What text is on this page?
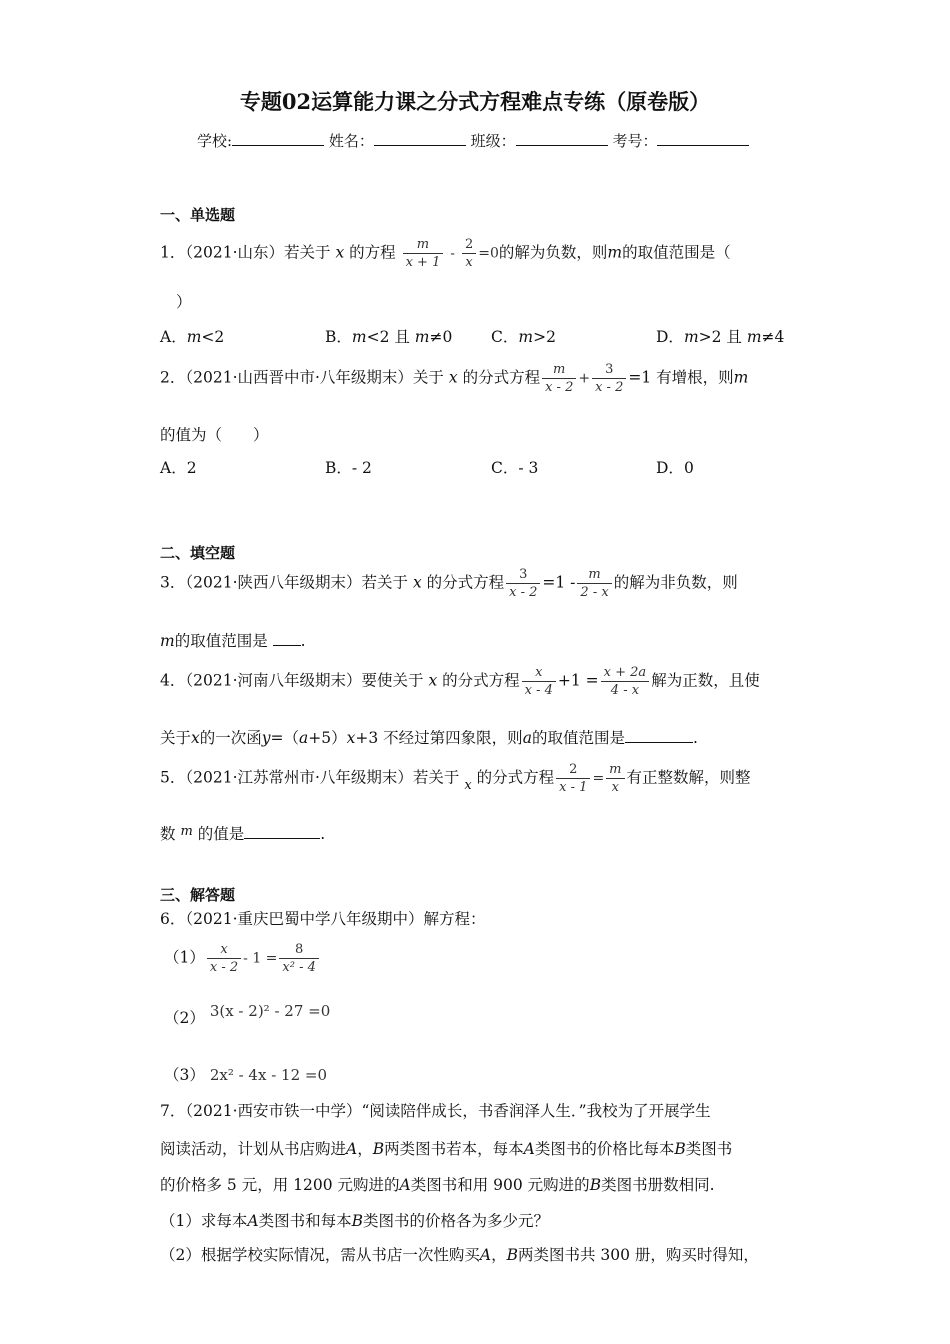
专题02运算能力课之分式方程难点专练（原卷版）
学校:	姓名：	班级：	考号：
一、单选题
1．（2021·山东）若关于 x 的方程 $\frac{m}{x + 1} - \frac{2}{x} =0$的解为负数，则m的取值范围是（
）
A．m<2	B．m<2 且 m≠0 C．m>2	D．m>2 且 m≠4
2．（2021·山西晋中市·八年级期末）关于 x 的分式方程 $\frac{m}{x - 2} + \frac{3}{x - 2} =1$ 有增根，则m
的值为（　　）
A．2	B．- 2	C．- 3	D．0
二、填空题
3．（2021·陕西八年级期末）若关于 x 的分式方程 $\frac{3}{x - 2} =1 - \frac{m}{2 - x}$ 的解为非负数，则
m的取值范围是 .
4．（2021·河南八年级期末）要使关于 x 的分式方程 $\frac{x}{x - 4} +1 = \frac{x + 2a}{4 - x}$ 解为正数，且使
关于x的一次函y=（a+5）x+3 不经过第四象限，则a的取值范围是	.
5．（2021·江苏常州市·八年级期末）若关于 $_x$ 的分式方程 $\frac{2}{x - 1} = \frac{m}{x}$ 有正整数解，则整
数 $^m$ 的值是	.
三、解答题
6．（2021·重庆巴蜀中学八年级期中）解方程：
$(1) \frac{x}{x - 2} - 1 = \frac{8}{\text{x² - 4}}$
（2） 3(x - 2)² - 27 =0
（3） 2x² - 4x - 12 =0
7．（2021·西安市铁一中学）“阅读陪伴成长，书香润泽人生．”我校为了开展学生
阅读活动，计划从书店购进A，B两类图书若本，每本A类图书的价格比每本B类图书
的价格多 5 元，用 1200 元购进的A类图书和用 900 元购进的B类图书册数相同.
（1）求每本A类图书和每本B类图书的价格各为多少元？
（2）根据学校实际情况，需从书店一次性购买A，B两类图书共 300 册，购买时得知，
